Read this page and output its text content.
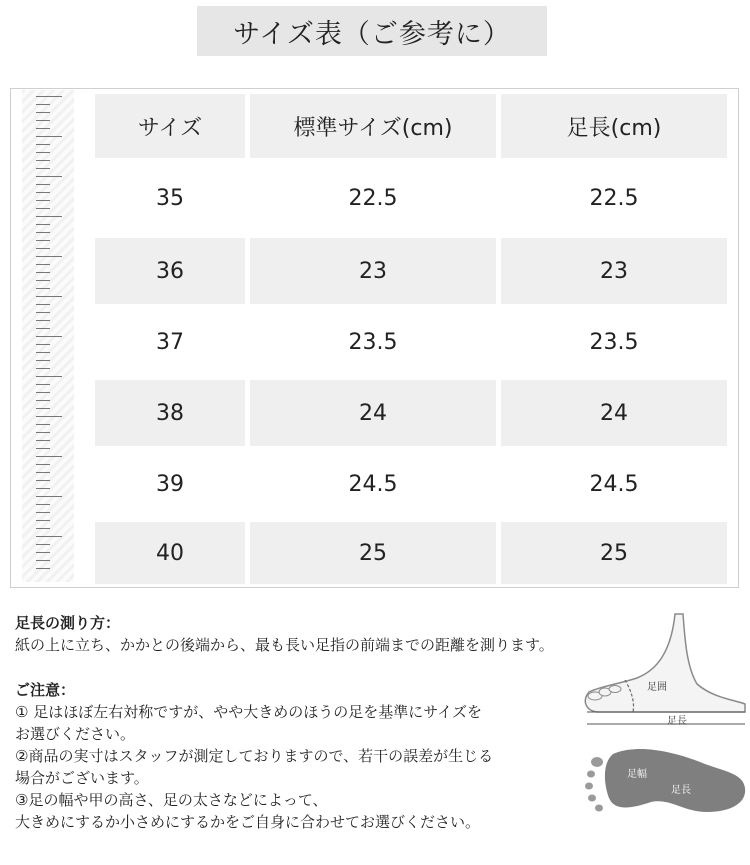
サイズ表（ご参考に）
サイズ	標準サイズ(cm)	足長(cm)
35	22.5	22.5
36	23	23
37	23.5	23.5
38	24	24
39	24.5	24.5
40	25	25
足長の測り方：
紙の上に立ち、かかとの後端から、最も長い足指の前端までの距離を測ります。
ご注意：
① 足はほぼ左右対称ですが、やや大きめのほうの足を基準にサイズを
お選びください。
②商品の実寸はスタッフが測定しておりますので、若干の誤差が生じる
場合がございます。
③足の幅や甲の高さ、足の太さなどによって、
大きめにするか小さめにするかをご自身に合わせてお選びください。
足囲
足長
足幅
足長
